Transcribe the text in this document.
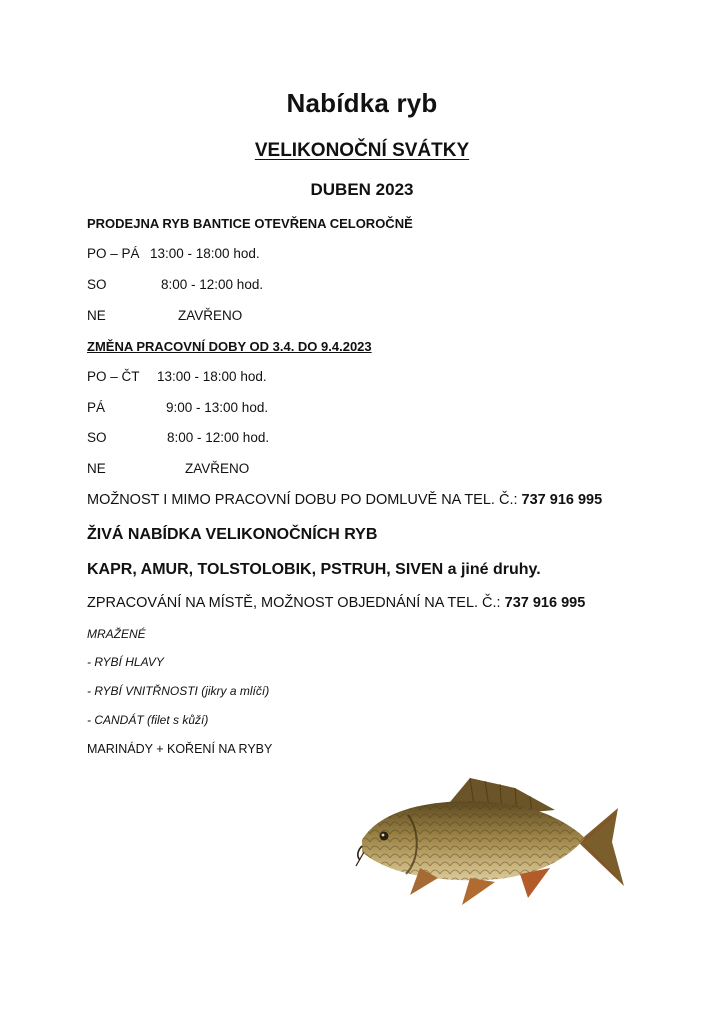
Nabídka ryb
VELIKONOČNÍ SVÁTKY
DUBEN 2023
PRODEJNA RYB BANTICE OTEVŘENA CELOROČNĚ
PO – PÁ 13:00 - 18:00 hod.
SO	8:00 - 12:00 hod.
NE	ZAVŘENO
ZMĚNA PRACOVNÍ DOBY OD 3.4. DO 9.4.2023
PO – ČT 13:00 - 18:00 hod.
PÁ	9:00 - 13:00 hod.
SO	8:00 - 12:00 hod.
NE	ZAVŘENO
MOŽNOST I MIMO PRACOVNÍ DOBU PO DOMLUVĚ NA TEL. Č.: 737 916 995
ŽIVÁ NABÍDKA VELIKONOČNÍCH RYB
KAPR, AMUR, TOLSTOLOBIK, PSTRUH, SIVEN a jiné druhy.
ZPRACOVÁNÍ NA MÍSTĚ, MOŽNOST OBJEDNÁNÍ NA TEL. Č.: 737 916 995
MRAŽENÉ
- RYBÍ HLAVY
- RYBÍ VNITŘNOSTI (jikry a mlíčí)
- CANDÁT (filet s kůží)
MARINÁDY + KOŘENÍ NA RYBY
